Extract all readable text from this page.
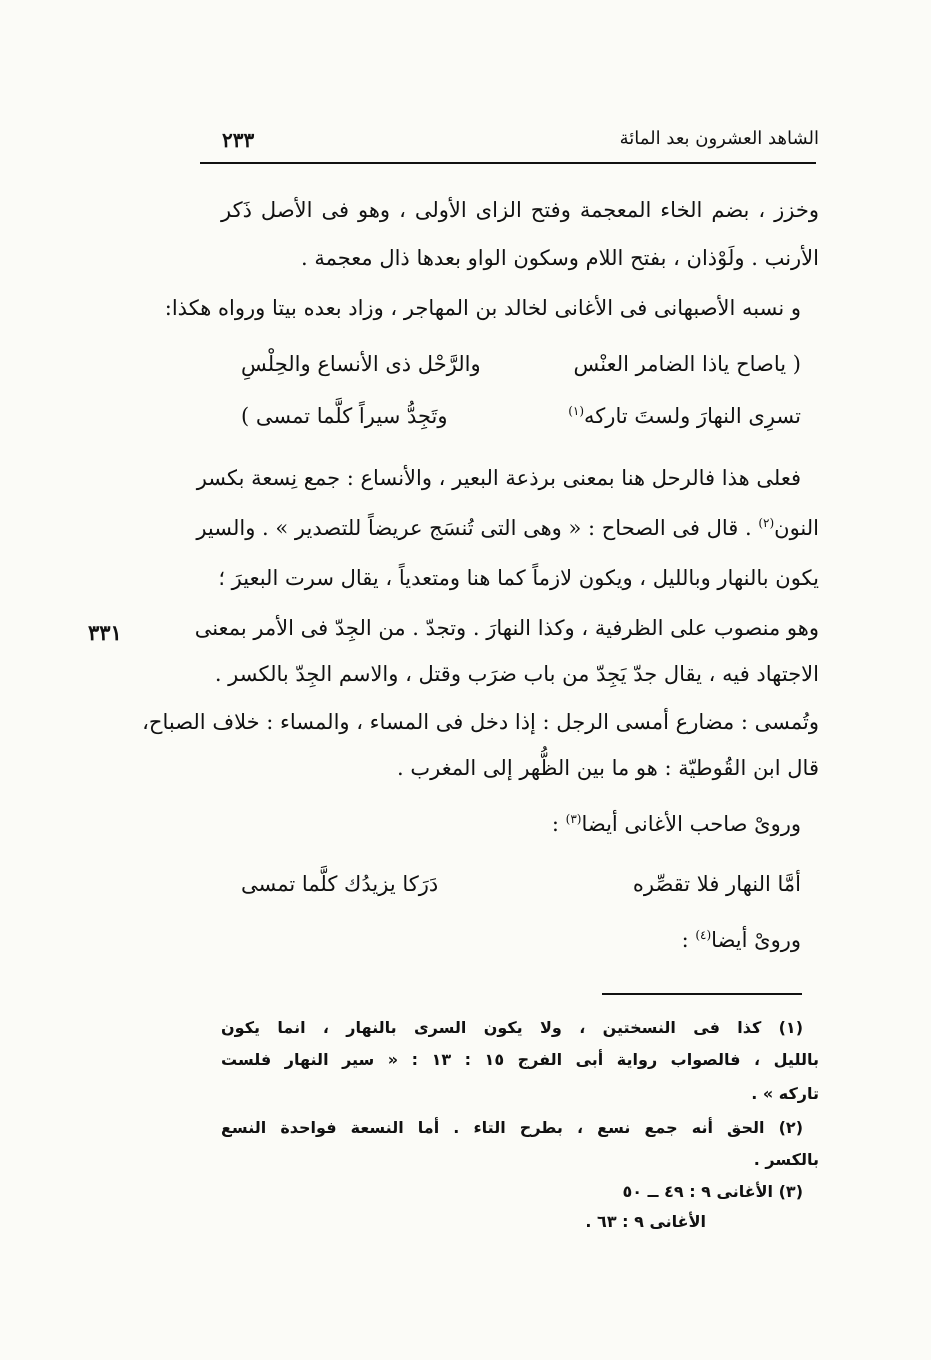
الشاهد العشرون بعد المائة
٢٣٣
٣٣١
وخزز ، بضم الخاء المعجمة وفتح الزاى الأولى ، وهو فى الأصل ذَكر
الأرنب . ولَوْذان ، بفتح اللام وسكون الواو بعدها ذال معجمة .
و نسبه الأصبهانى فى الأغانى لخالد بن المهاجر ، وزاد بعده بيتا ورواه هكذا:
( ياصاح ياذا الضامر العنْس
والرَّحْل ذى الأنساع والحِلْسِ
تسرِى النهارَ ولستَ تاركه$^{(١)}$
وتَجِدُّ سيراً كلَّما تمسى )
فعلى هذا فالرحل هنا بمعنى برذعة البعير ، والأنساع : جمع نِسعة بكسر
النون$^{(٢)}$ . قال فى الصحاح : « وهى التى تُنسَج عريضاً للتصدير » . والسير
يكون بالنهار وبالليل ، ويكون لازماً كما هنا ومتعدياً ، يقال سرت البعيرَ ؛
وهو منصوب على الظرفية ، وكذا النهارَ . وتجدّ . من الجِدّ فى الأمر بمعنى
الاجتهاد فيه ، يقال جدّ يَجِدّ من باب ضرَب وقتل ، والاسم الجِدّ بالكسر .
وتُمسى : مضارع أمسى الرجل : إذا دخل فى المساء ، والمساء : خلاف الصباح،
قال ابن القُوطيّة : هو ما بين الظُّهر إلى المغرب .
وروىْ صاحب الأغانى أيضا$^{(٣)}$ :
أمَّا النهار فلا تقصِّره
دَرَكا يزيدُك كلَّما تمسى
وروىْ أيضا$^{(٤)}$ :
(١) كذا فى النسختين ، ولا يكون السرى بالنهار ، انما يكون
بالليل ، فالصواب رواية أبى الفرج ١٥ : ١٣ : « سير النهار فلست
تاركه » .
(٢) الحق أنه جمع نسع ، بطرح التاء . أما النسعة فواحدة النسع
بالكسر .
(٣) الأغانى ٩ : ٤٩ ــ ٥٠
الأغانى ٩ : ٦٣ .
